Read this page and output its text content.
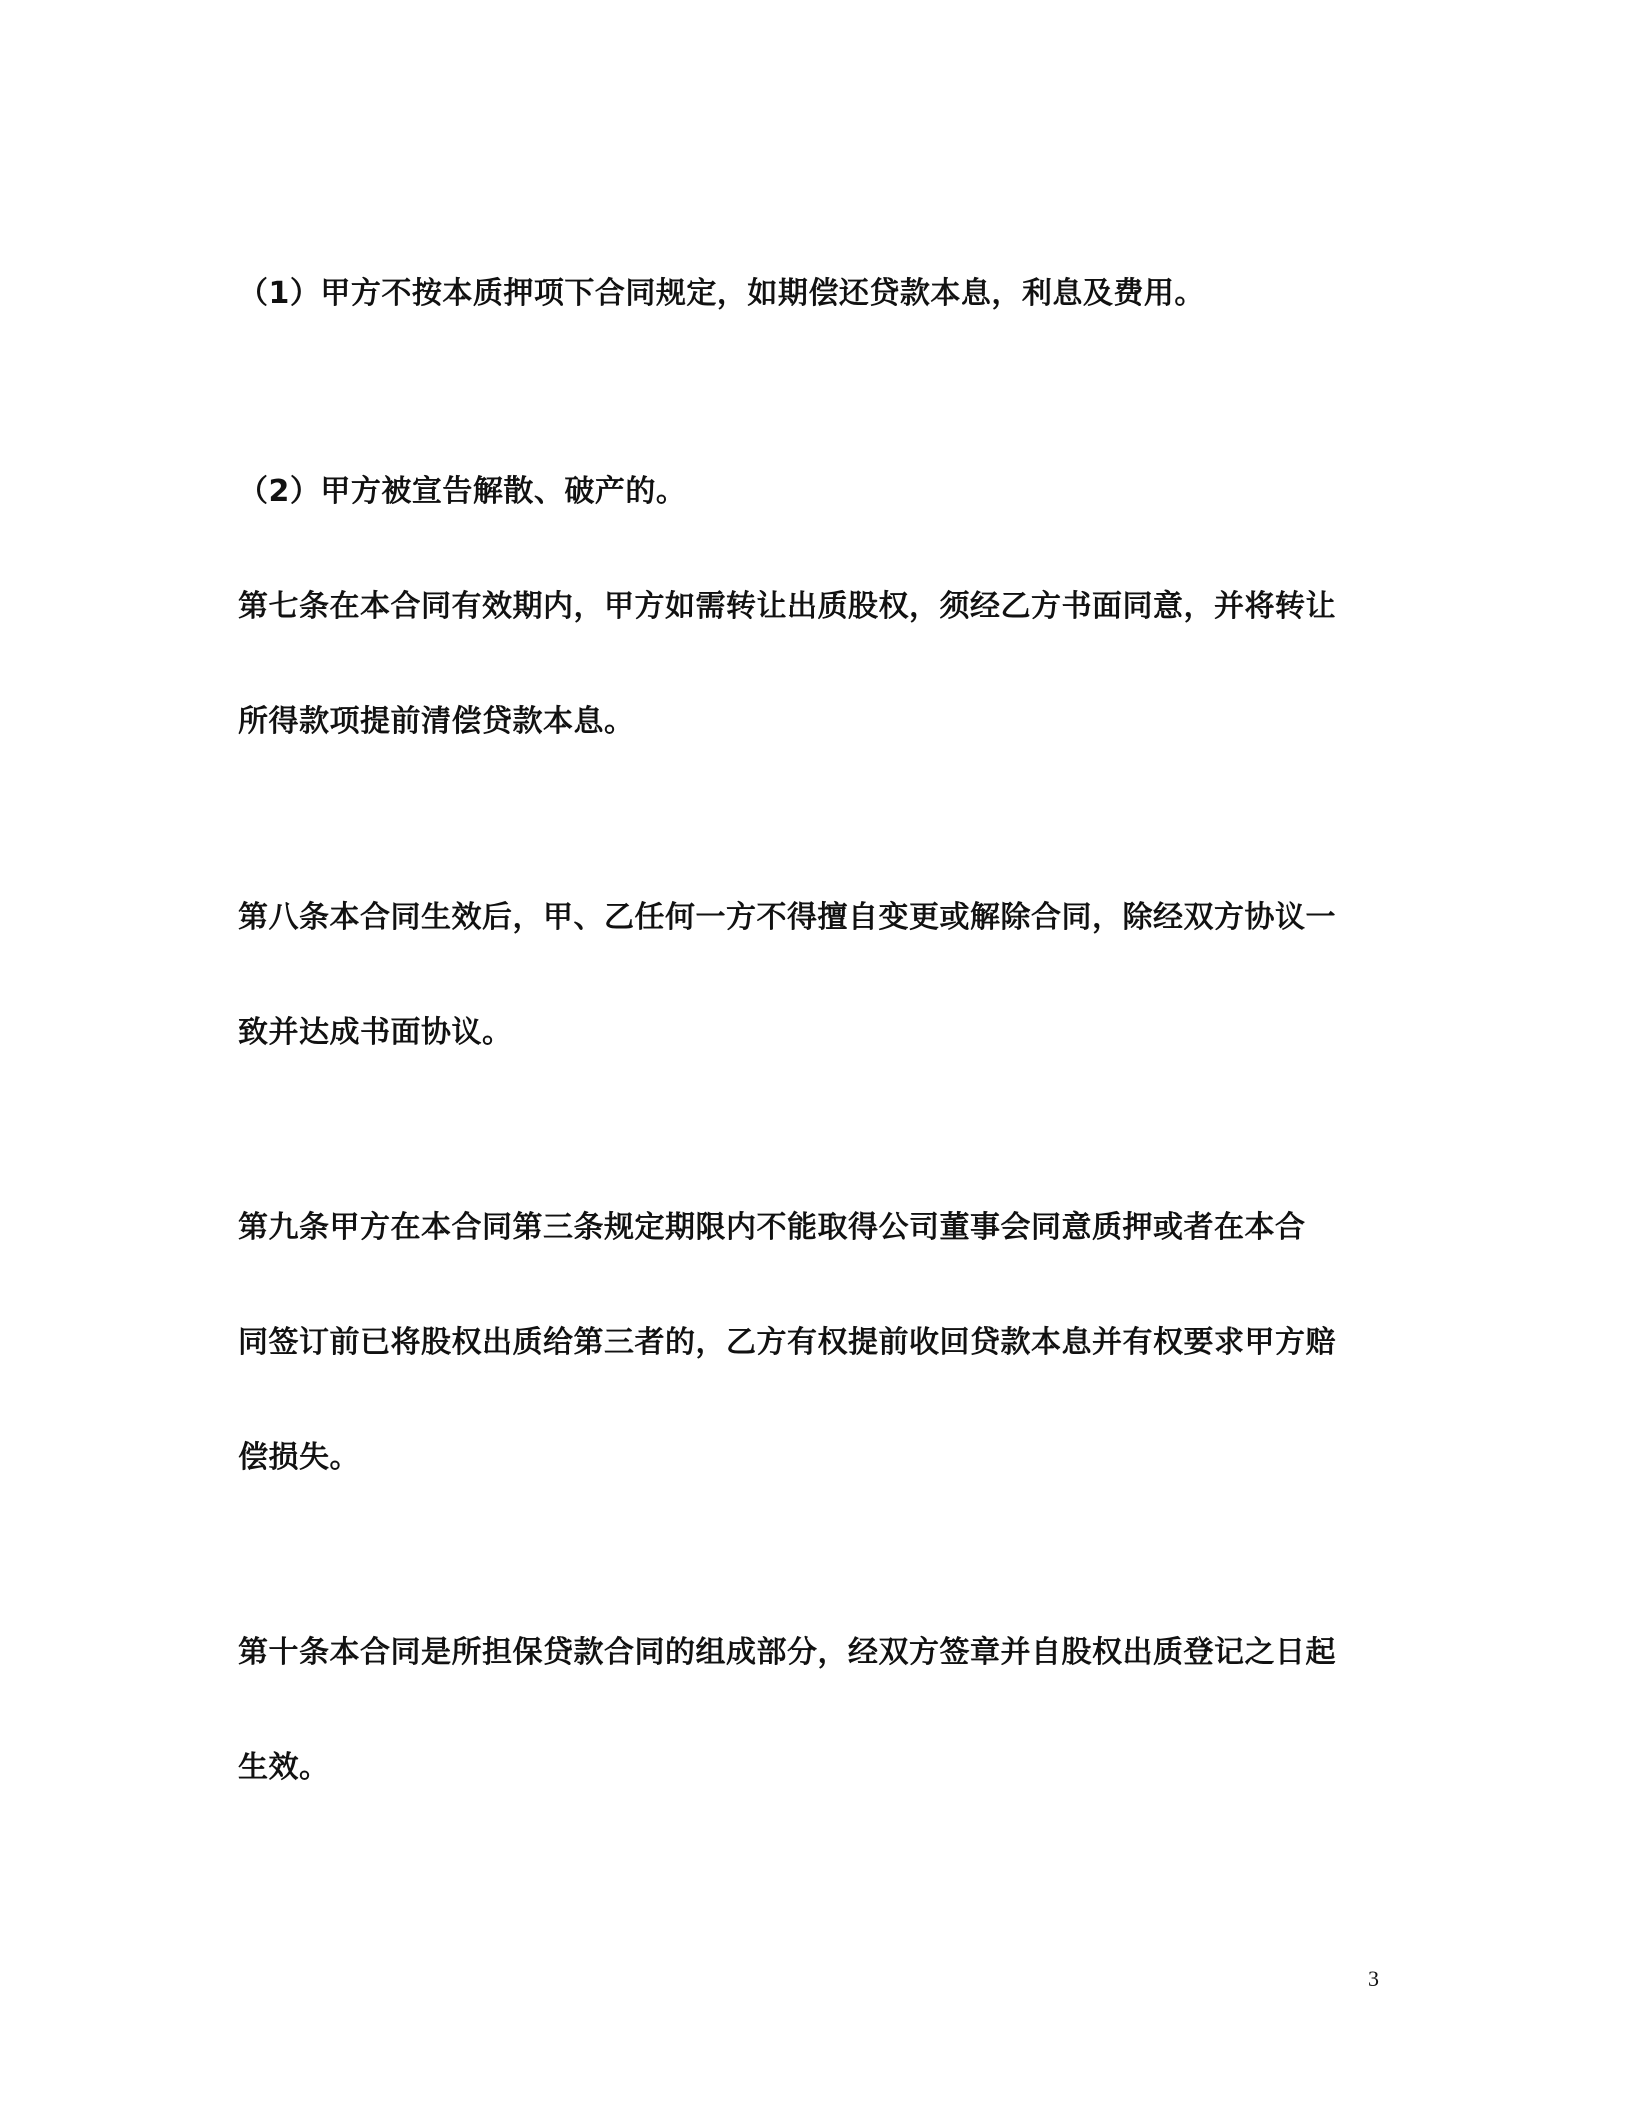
（1）甲方不按本质押项下合同规定，如期偿还贷款本息，利息及费用。
（2）甲方被宣告解散、破产的。
第七条在本合同有效期内，甲方如需转让出质股权，须经乙方书面同意，并将转让
所得款项提前清偿贷款本息。
第八条本合同生效后，甲、乙任何一方不得擅自变更或解除合同，除经双方协议一
致并达成书面协议。
第九条甲方在本合同第三条规定期限内不能取得公司董事会同意质押或者在本合
同签订前已将股权出质给第三者的，乙方有权提前收回贷款本息并有权要求甲方赔
偿损失。
第十条本合同是所担保贷款合同的组成部分，经双方签章并自股权出质登记之日起
生效。
3
